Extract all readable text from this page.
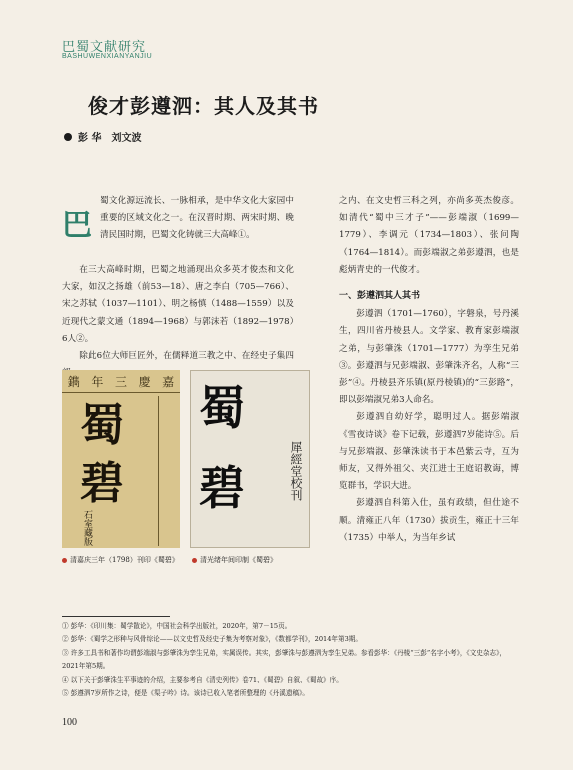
巴蜀文献研究
BASHUWENXIANYANJIU
俊才彭遵泗：其人及其书
彭 华　刘文波
巴

蜀文化源远流长、一脉相承，是中华文化大家园中重要的区域文化之一。在汉晋时期、两宋时期、晚清民国时期，巴蜀文化铸就三大高峰①。

在三大高峰时期，巴蜀之地涌现出众多英才俊杰和文化大家，如汉之扬雄（前53—18）、唐之李白（705—766）、宋之苏轼（1037—1101）、明之杨慎（1488—1559）以及近现代之蒙文通（1894—1968）与郭沫若（1892—1978）6人②。

除此6位大师巨匠外，在儒释道三教之中、在经史子集四

之内、在文史哲三科之列，亦尚多英杰俊彦。如清代“蜀中三才子”——彭端淑（1699—1779）、李调元（1734—1803）、张问陶（1764—1814）。而彭端淑之弟彭遵泗，也是彪炳青史的一代俊才。

一、彭遵泗其人其书

彭遵泗（1701—1760），字磐泉，号丹溪生，四川省丹棱县人。文学家、教育家彭端淑之弟，与彭肇洙（1701—1777）为孪生兄弟③。彭遵泗与兄彭端淑、彭肇洙齐名，人称“三彭”④。丹棱县齐乐镇(原丹棱镇)的“三彭路”，即以彭端淑兄弟3人命名。

彭遵泗自幼好学，聪明过人。据彭端淑《雪夜诗谈》卷下记载，彭遵泗7岁能诗⑤。后与兄彭端淑、彭肇洙读书于本邑紫云寺，互为师友，又得外祖父、夹江进士王庭诏教诲，博览群书，学识大进。

彭遵泗自科第入仕，虽有政绩，但仕途不顺。清雍正八年（1730）拔贡生，雍正十三年（1735）中举人，为当年乡试

鐫 年 三 慶 嘉
蜀
碧
石室藏版
清嘉庆三年（1798）刊印《蜀碧》
蜀
碧	犀經堂校刊
清光绪年间印制《蜀碧》
① 彭华：《印川集：蜀学散论》，中国社会科学出版社，2020年，第7－15页。
② 彭华：《蜀学之形种与风骨综论——以文史哲及经史子集为考察对象》，《数都学刊》，2014年第3期。
③ 许多工具书和著作均谓彭端淑与彭肇洙为孪生兄弟，实属误传。其实，彭肇洙与彭遵泗为孪生兄弟。参看彭华：《丹棱“三彭”名字小考》，《文史杂志》，2021年第5期。
④ 以下关于彭肇洙生平事迹的介绍，主要参考自《清史列传》卷71、《蜀碧》自叙、《蜀故》序。
⑤ 彭遵泗7岁所作之诗，便是《渠子吟》诗。该诗已收入笔者所整理的《丹溪遗稿》。
100
